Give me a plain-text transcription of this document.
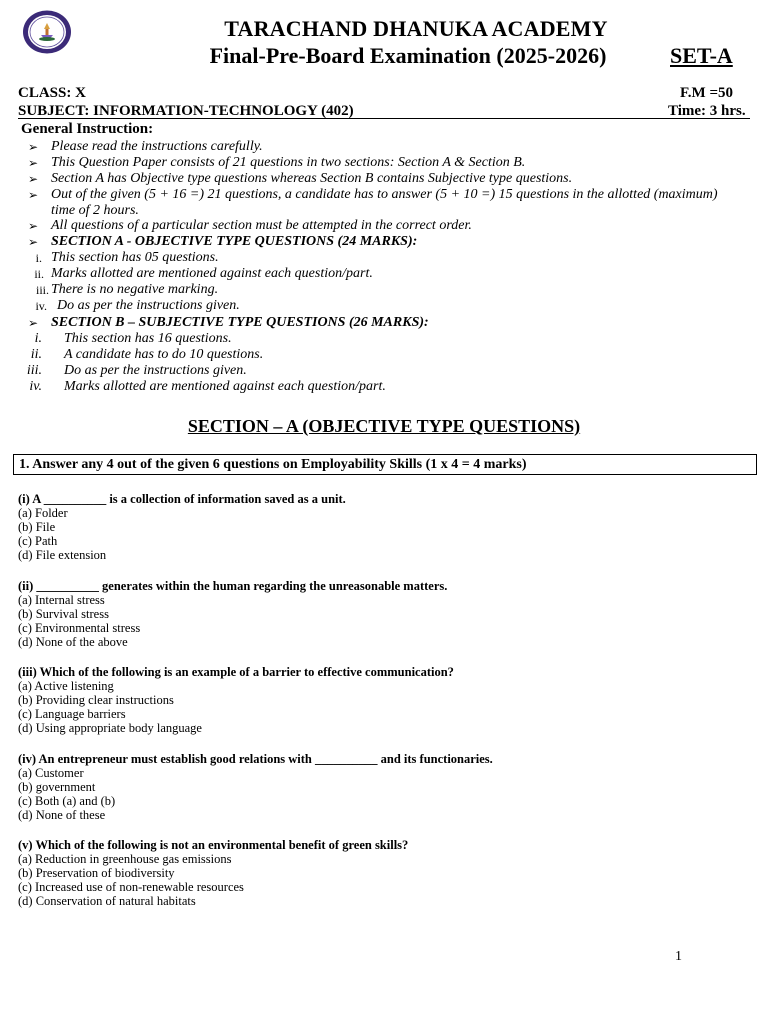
TARACHAND DHANUKA ACADEMY
Final-Pre-Board Examination (2025-2026)	SET-A
CLASS: X	F.M =50
SUBJECT: INFORMATION-TECHNOLOGY (402)	Time: 3 hrs.
General Instruction:
➢ Please read the instructions carefully.
➢ This Question Paper consists of 21 questions in two sections: Section A & Section B.
➢ Section A has Objective type questions whereas Section B contains Subjective type questions.
➢ Out of the given (5 + 16 =) 21 questions, a candidate has to answer (5 + 10 =) 15 questions in the allotted (maximum) time of 2 hours.
➢ All questions of a particular section must be attempted in the correct order.
➢ SECTION A - OBJECTIVE TYPE QUESTIONS (24 MARKS):
i. This section has 05 questions.
ii. Marks allotted are mentioned against each question/part.
iii. There is no negative marking.
iv. Do as per the instructions given.
➢ SECTION B – SUBJECTIVE TYPE QUESTIONS (26 MARKS):
i. This section has 16 questions.
ii. A candidate has to do 10 questions.
iii. Do as per the instructions given.
iv. Marks allotted are mentioned against each question/part.
SECTION – A (OBJECTIVE TYPE QUESTIONS)
1. Answer any 4 out of the given 6 questions on Employability Skills (1 x 4 = 4 marks)
(i) A __________ is a collection of information saved as a unit.
(a) Folder
(b) File
(c) Path
(d) File extension
(ii) __________ generates within the human regarding the unreasonable matters.
(a) Internal stress
(b) Survival stress
(c) Environmental stress
(d) None of the above
(iii) Which of the following is an example of a barrier to effective communication?
(a) Active listening
(b) Providing clear instructions
(c) Language barriers
(d) Using appropriate body language
(iv) An entrepreneur must establish good relations with __________ and its functionaries.
(a) Customer
(b) government
(c) Both (a) and (b)
(d) None of these
(v) Which of the following is not an environmental benefit of green skills?
(a) Reduction in greenhouse gas emissions
(b) Preservation of biodiversity
(c) Increased use of non-renewable resources
(d) Conservation of natural habitats
1
